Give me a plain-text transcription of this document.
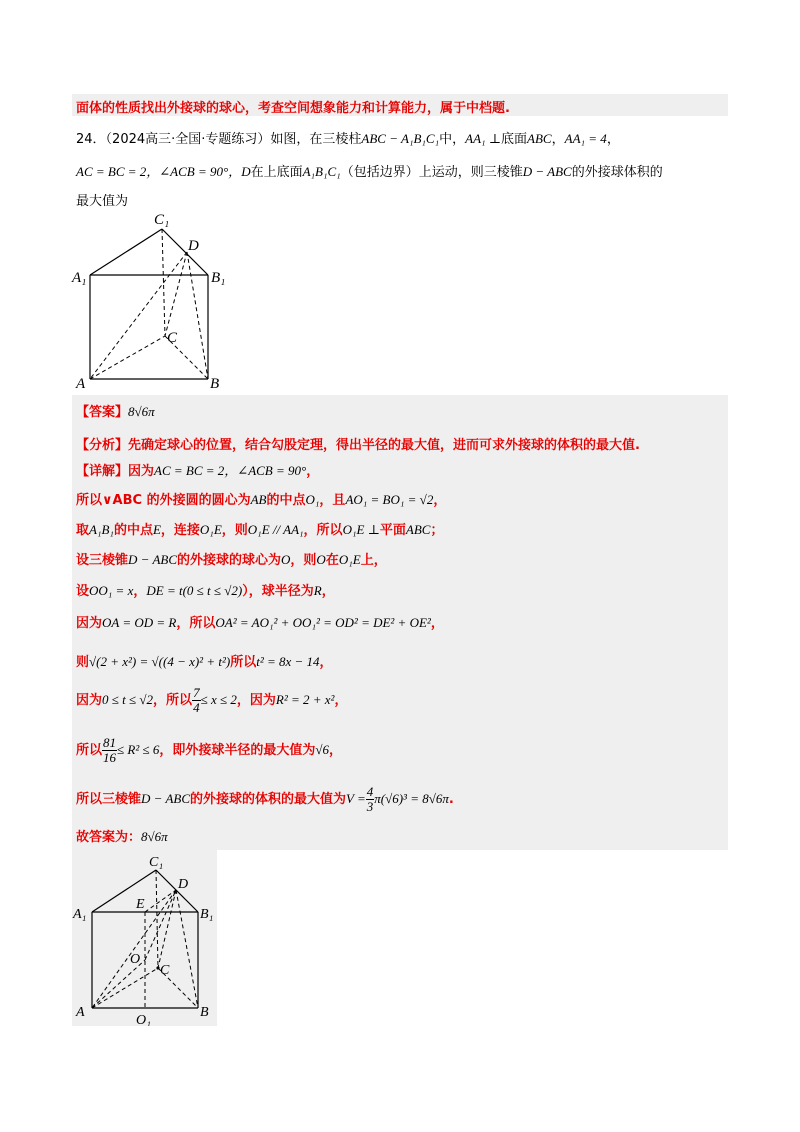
面体的性质找出外接球的球心，考查空间想象能力和计算能力，属于中档题.
24．（2024高三·全国·专题练习）如图，在三棱柱ABC − A₁B₁C₁中，AA₁ ⊥底面ABC，AA₁ = 4，
AC = BC = 2，∠ACB = 90°，D在上底面A₁B₁C₁（包括边界）上运动，则三棱锥D − ABC的外接球体积的
最大值为
C₁
D
A₁	B₁
C
A	B
【答案】8√6π
【分析】先确定球心的位置，结合勾股定理，得出半径的最大值，进而可求外接球的体积的最大值.
【详解】因为AC = BC = 2，∠ACB = 90°，
所以∨ABC 的外接圆的圆心为AB的中点O₁，且AO₁ = BO₁ = √2，
取A₁B₁的中点E，连接O₁E，则O₁E // AA₁，所以O₁E ⊥平面ABC；
设三棱锥D − ABC的外接球的球心为O，则O在O₁E上，
设OO₁ = x，DE = t(0 ≤ t ≤ √2)），球半径为R，
因为OA = OD = R，所以OA² = AO₁² + OO₁² = OD² = DE² + OE²，
则√(2 + x²) = √((4 − x)² + t²)所以t² = 8x − 14，
因为0 ≤ t ≤ √2，所以 $\frac{7}{4} \le x \le 2$，因为R² = 2 + x²，
所以 $\frac{81}{16} \le R^2 \le 6$，即外接球半径的最大值为√6，
所以三棱锥D − ABC的外接球的体积的最大值为$V = \frac{4}{3} \pi(√6)^3 = 8√6\pi$.
故答案为：8√6π
C₁
D
E
A₁	B₁
O
C
A
O₁
B
